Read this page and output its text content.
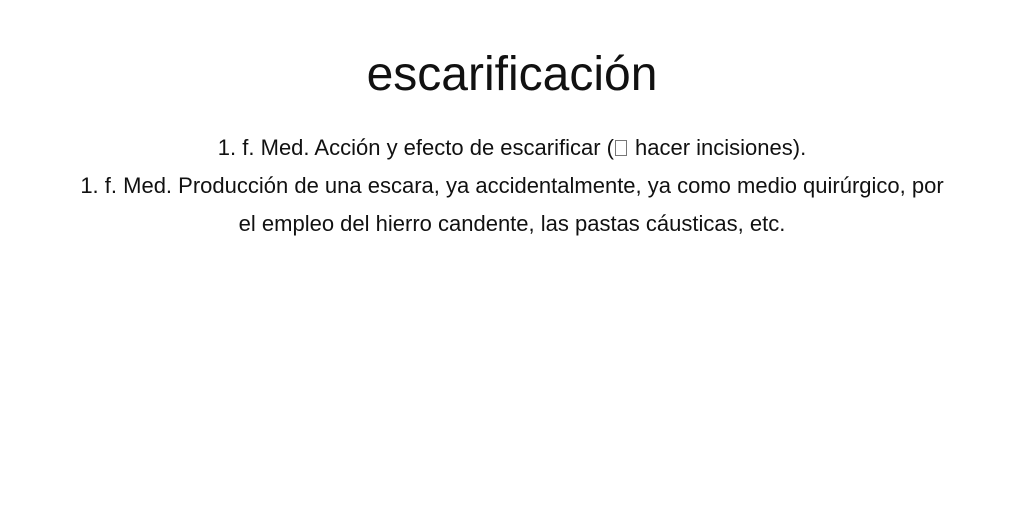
escarificación

1. f. Med. Acción y efecto de escarificar ( hacer incisiones).

1. f. Med. Producción de una escara, ya accidentalmente, ya como medio quirúrgico, por el empleo del hierro candente, las pastas cáusticas, etc.
